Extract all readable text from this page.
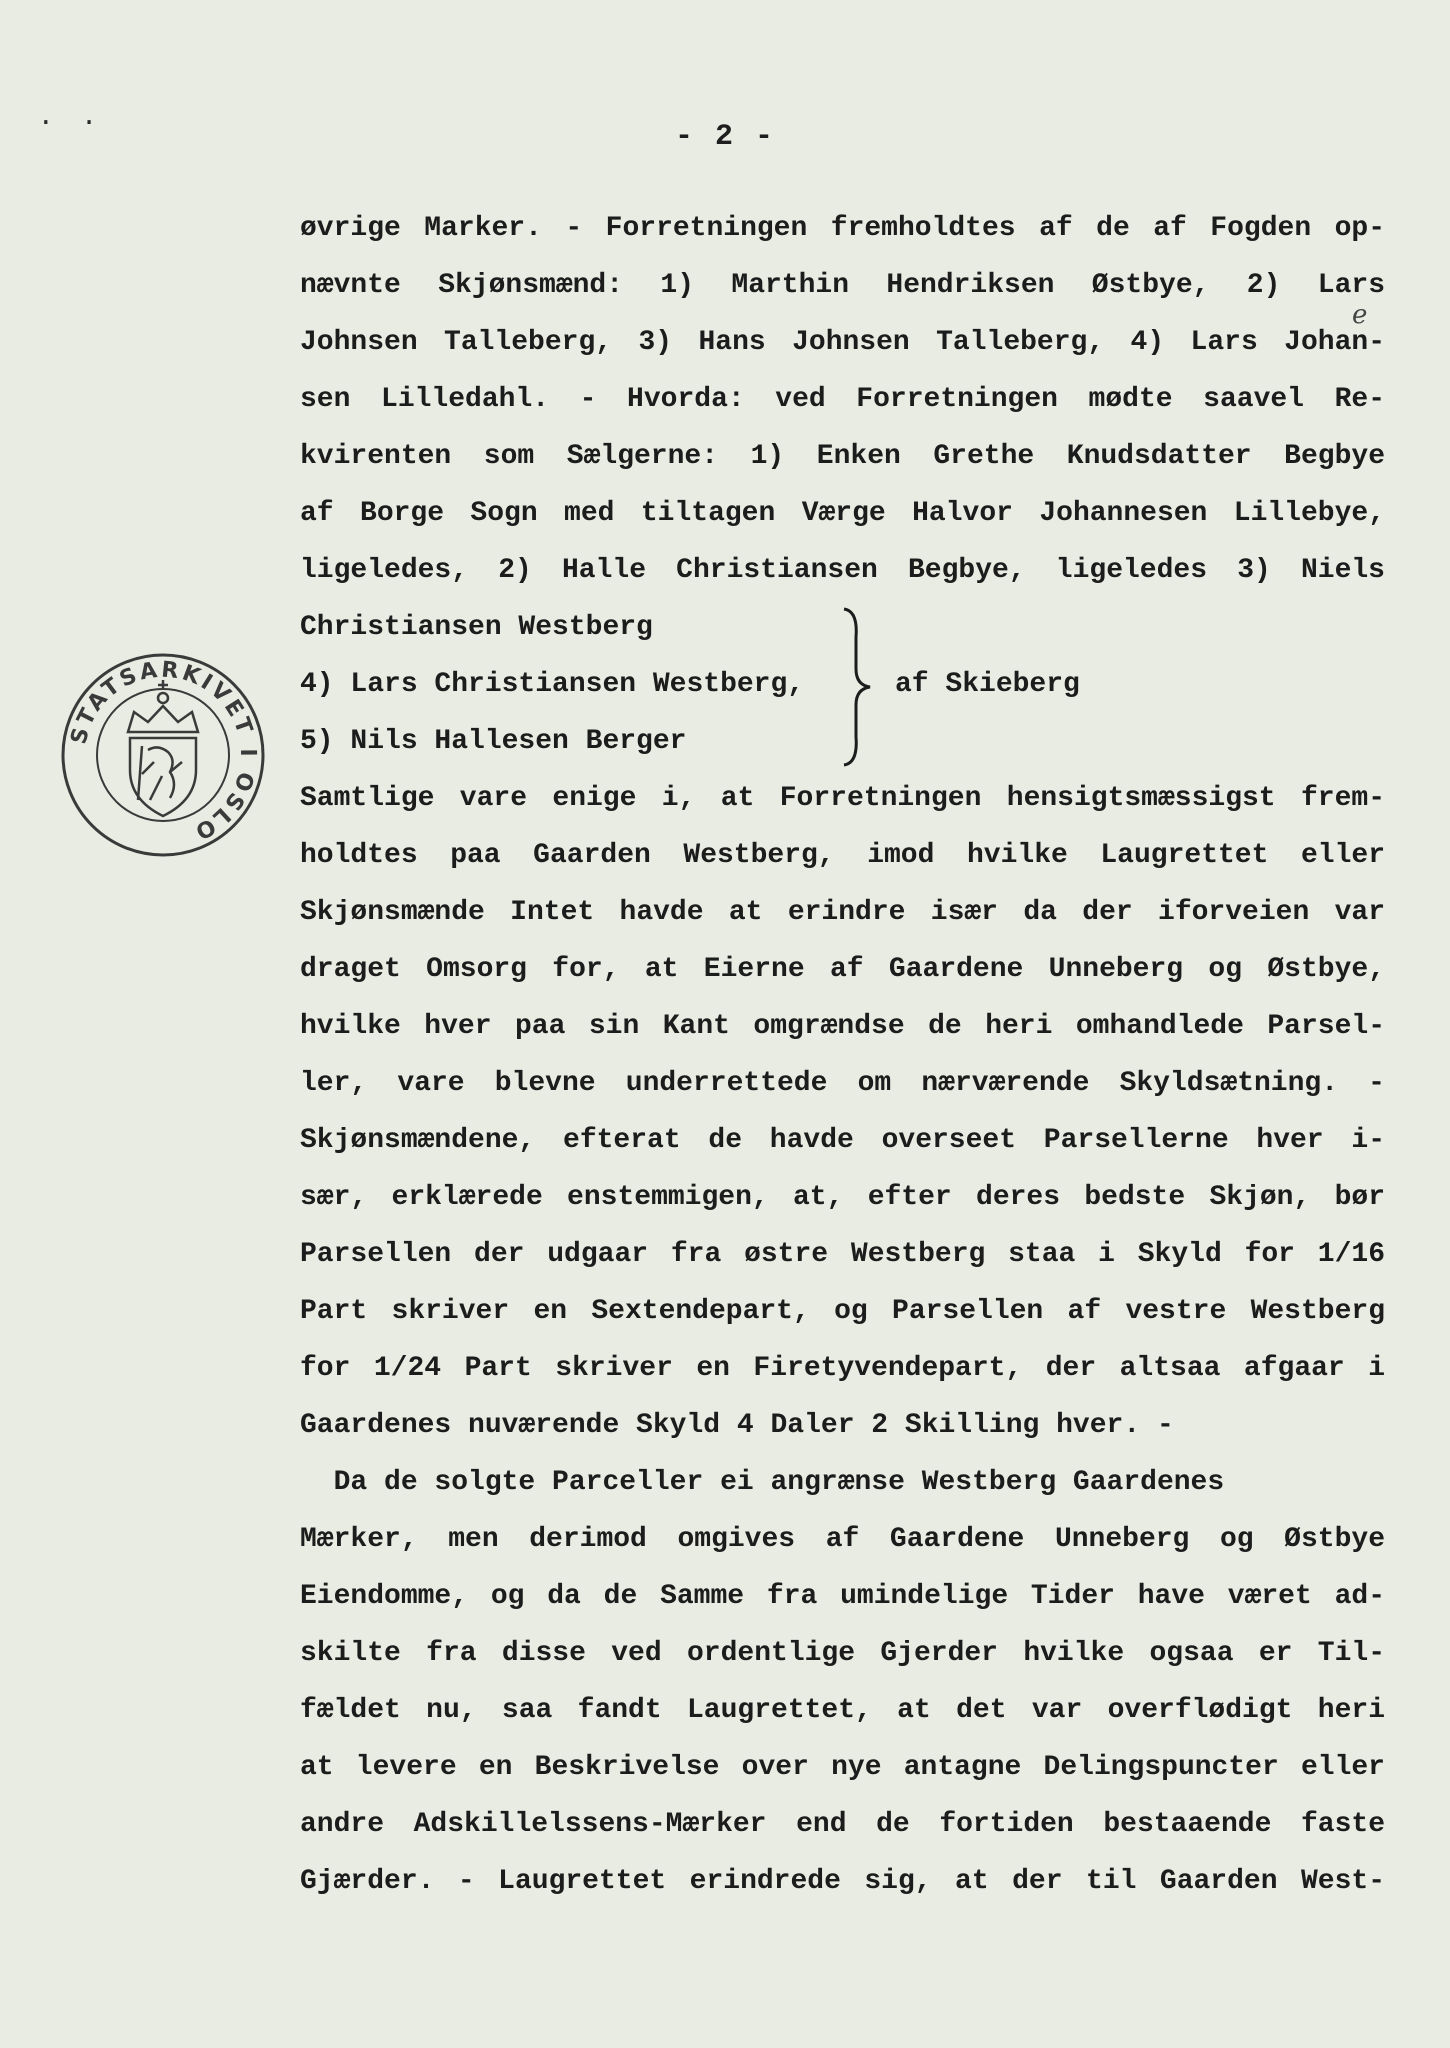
· ·	- 2 -
e
STATSARKIVET I OSLO
øvrige Marker. - Forretningen fremholdtes af de af Fogden op-
nævnte Skjønsmænd: 1) Marthin Hendriksen Østbye, 2) Lars
Johnsen Talleberg, 3) Hans Johnsen Talleberg, 4) Lars Johan-
sen Lilledahl. - Hvorda: ved Forretningen mødte saavel Re-
kvirenten som Sælgerne: 1) Enken Grethe Knudsdatter Begbye
af Borge Sogn med tiltagen Værge Halvor Johannesen Lillebye,
ligeledes, 2) Halle Christiansen Begbye, ligeledes 3) Niels
Christiansen Westberg
4) Lars Christiansen Westberg,
5) Nils Hallesen Berger
af Skieberg
Samtlige vare enige i, at Forretningen hensigtsmæssigst frem-
holdtes paa Gaarden Westberg, imod hvilke Laugrettet eller
Skjønsmænde Intet havde at erindre især da der iforveien var
draget Omsorg for, at Eierne af Gaardene Unneberg og Østbye,
hvilke hver paa sin Kant omgrændse de heri omhandlede Parsel-
ler, vare blevne underrettede om nærværende Skyldsætning. -
Skjønsmændene, efterat de havde overseet Parsellerne hver i-
sær, erklærede enstemmigen, at, efter deres bedste Skjøn, bør
Parsellen der udgaar fra østre Westberg staa i Skyld for 1/16
Part skriver en Sextendepart, og Parsellen af vestre Westberg
for 1/24 Part skriver en Firetyvendepart, der altsaa afgaar i
Gaardenes nuværende Skyld 4 Daler 2 Skilling hver. -
Da de solgte Parceller ei angrænse Westberg Gaardenes
Mærker, men derimod omgives af Gaardene Unneberg og Østbye
Eiendomme, og da de Samme fra umindelige Tider have været ad-
skilte fra disse ved ordentlige Gjerder hvilke ogsaa er Til-
fældet nu, saa fandt Laugrettet, at det var overflødigt heri
at levere en Beskrivelse over nye antagne Delingspuncter eller
andre Adskillelssens-Mærker end de fortiden bestaaende faste
Gjærder. - Laugrettet erindrede sig, at der til Gaarden West-
